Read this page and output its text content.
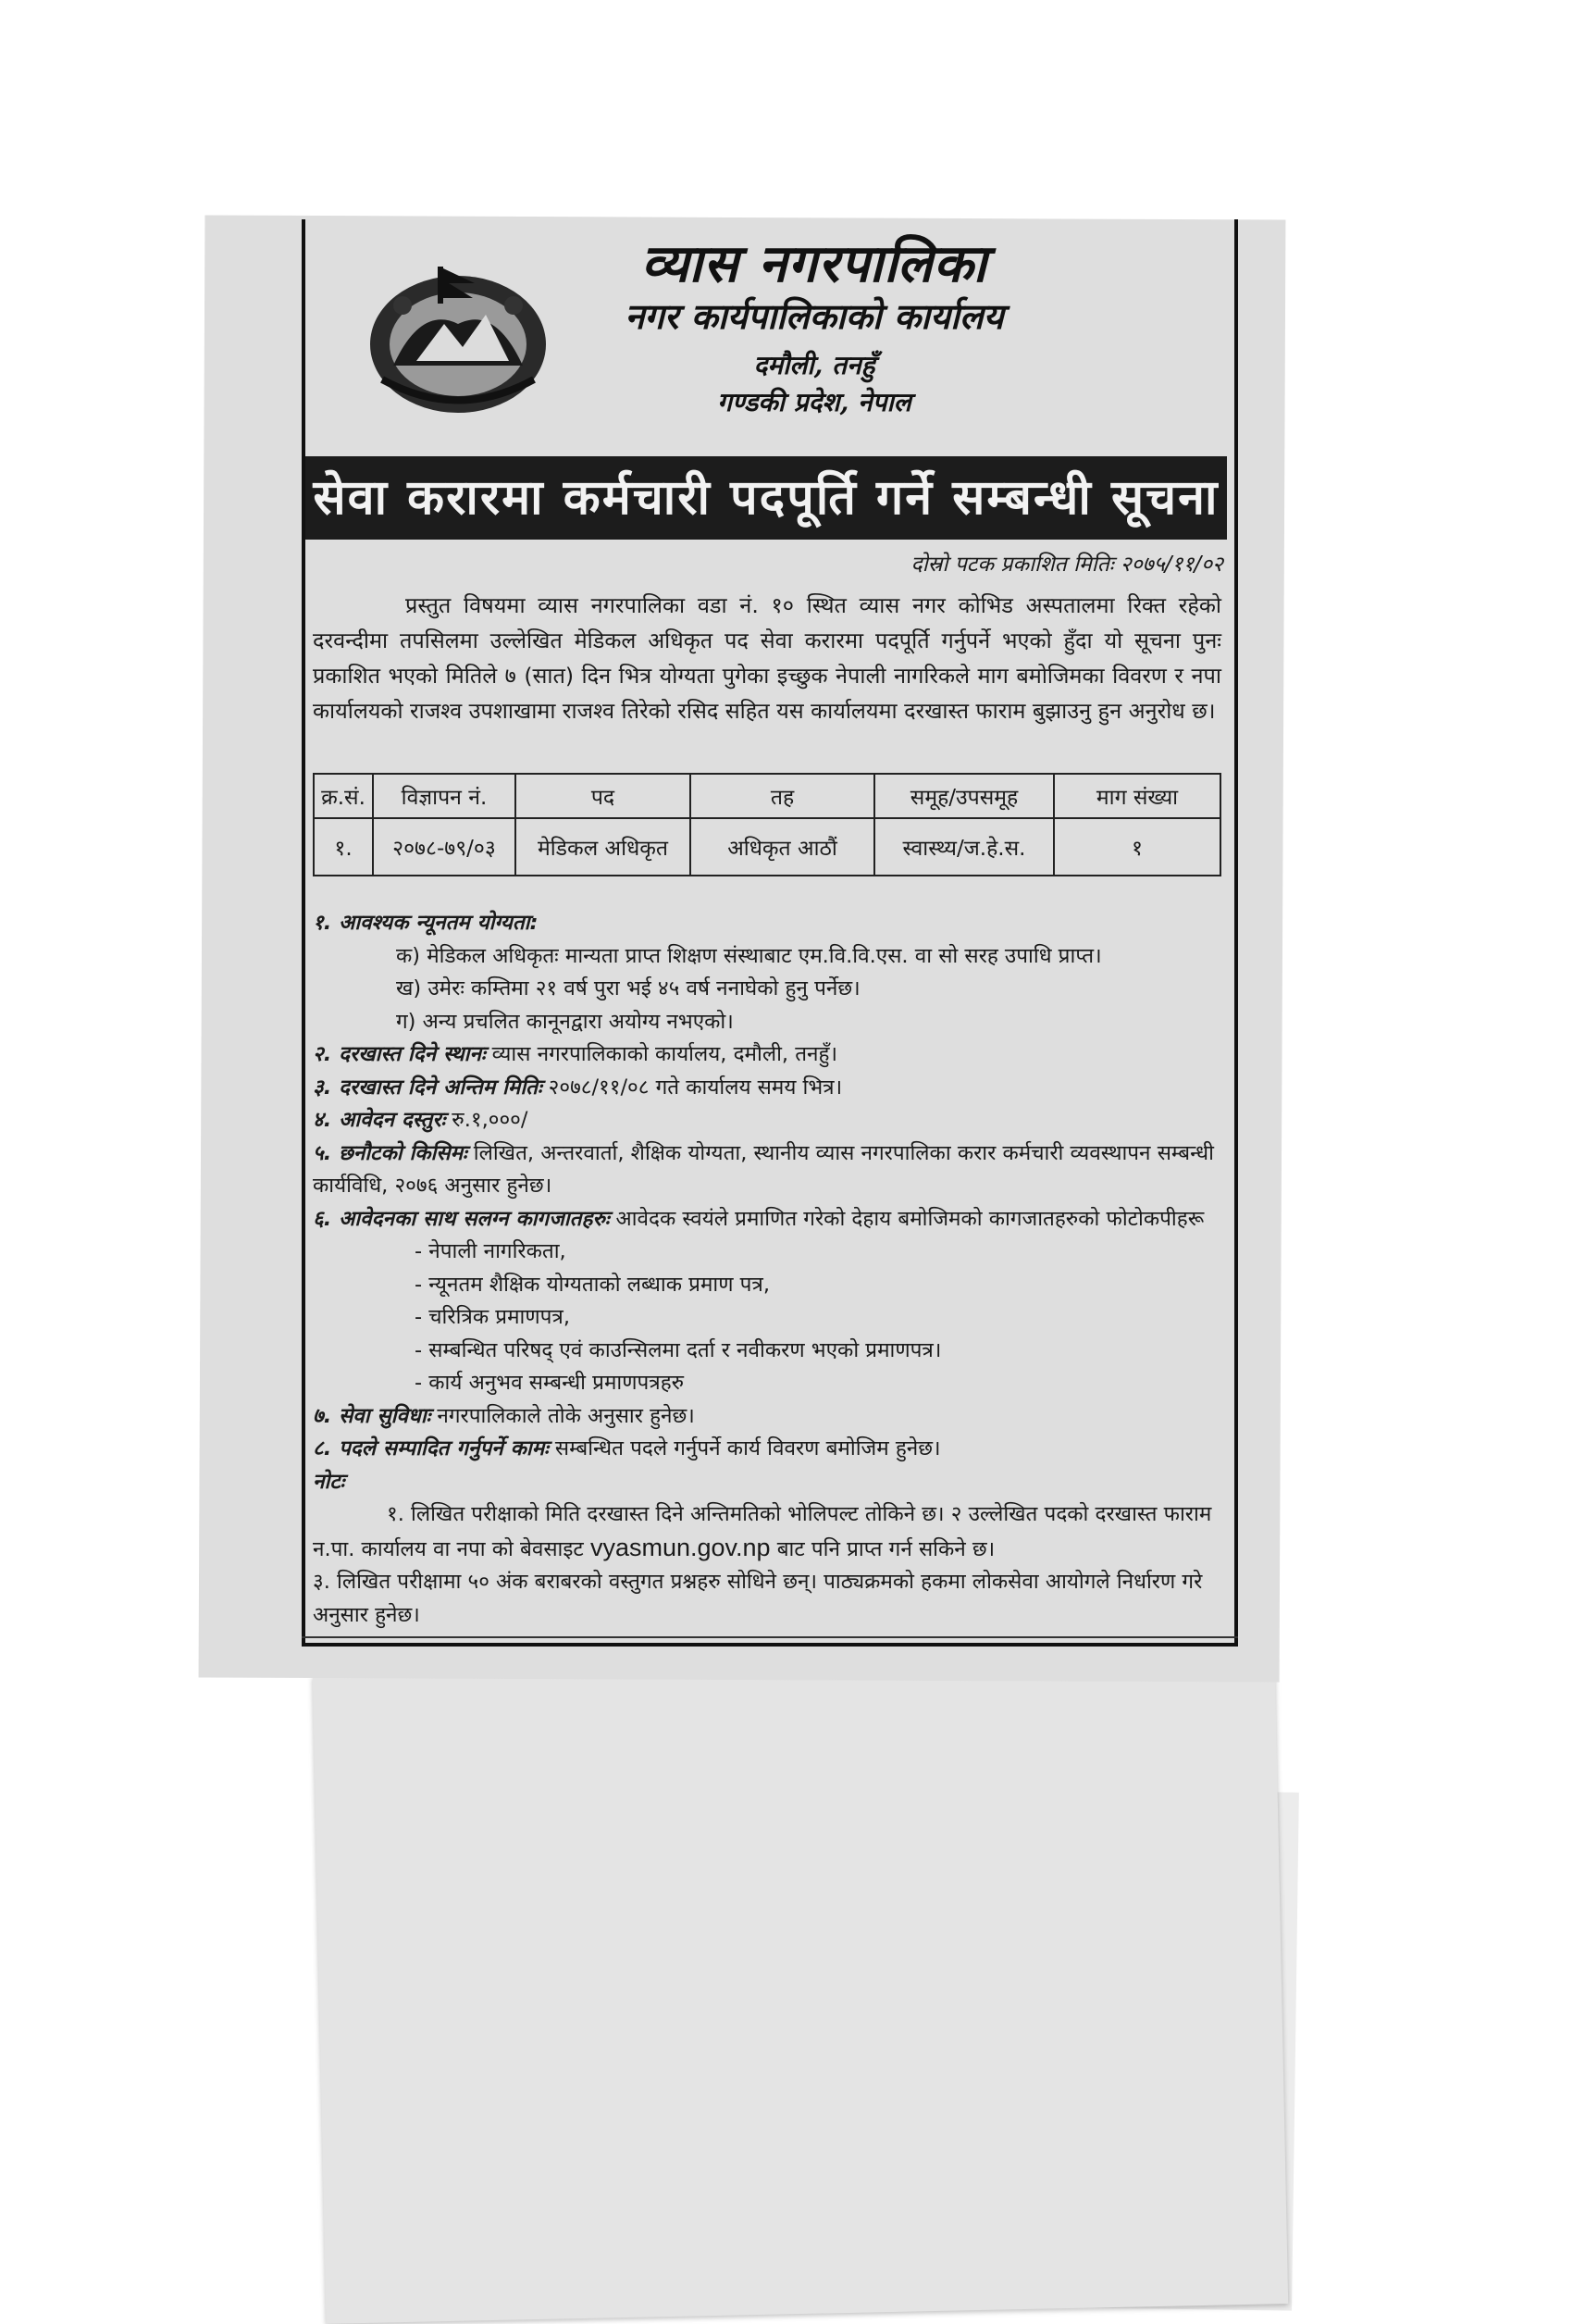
व्यास नगरपालिका
नगर कार्यपालिकाको कार्यालय
दमौली, तनहुँ
गण्डकी प्रदेश, नेपाल
सेवा करारमा कर्मचारी पदपूर्ति गर्ने सम्बन्धी सूचना
दोस्रो पटक प्रकाशित मितिः २०७५/११/०२
प्रस्तुत विषयमा व्यास नगरपालिका वडा नं. १० स्थित व्यास नगर कोभिड अस्पतालमा रिक्त रहेको दरवन्दीमा तपसिलमा उल्लेखित मेडिकल अधिकृत पद सेवा करारमा पदपूर्ति गर्नुपर्ने भएको हुँदा यो सूचना पुनः प्रकाशित भएको मितिले ७ (सात) दिन भित्र योग्यता पुगेका इच्छुक नेपाली नागरिकले माग बमोजिमका विवरण र नपा कार्यालयको राजश्व उपशाखामा राजश्व तिरेको रसिद सहित यस कार्यालयमा दरखास्त फाराम बुझाउनु हुन अनुरोध छ।
क्र.सं.	विज्ञापन नं.	पद	तह	समूह/उपसमूह	माग संख्या
१.	२०७८-७९/०३	मेडिकल अधिकृत	अधिकृत आठौं	स्वास्थ्य/ज.हे.स.	१
१. आवश्यक न्यूनतम योग्यता:
क) मेडिकल अधिकृतः मान्यता प्राप्त शिक्षण संस्थाबाट एम.वि.वि.एस. वा सो सरह उपाधि प्राप्त।
ख) उमेरः कम्तिमा २१ वर्ष पुरा भई ४५ वर्ष ननाघेको हुनु पर्नेछ।
ग) अन्य प्रचलित कानूनद्वारा अयोग्य नभएको।
२. दरखास्त दिने स्थानः व्यास नगरपालिकाको कार्यालय, दमौली, तनहुँ।
३. दरखास्त दिने अन्तिम मितिः २०७८/११/०८ गते कार्यालय समय भित्र।
४. आवेदन दस्तुरः रु.१,०००/
५. छनौटको किसिमः लिखित, अन्तरवार्ता, शैक्षिक योग्यता, स्थानीय व्यास नगरपालिका करार कर्मचारी व्यवस्थापन सम्बन्धी कार्यविधि, २०७६ अनुसार हुनेछ।
६. आवेदनका साथ सलग्न कागजातहरुः आवेदक स्वयंले प्रमाणित गरेको देहाय बमोजिमको कागजातहरुको फोटोकपीहरू
- नेपाली नागरिकता,
- न्यूनतम शैक्षिक योग्यताको लब्धाक प्रमाण पत्र,
- चरित्रिक प्रमाणपत्र,
- सम्बन्धित परिषद् एवं काउन्सिलमा दर्ता र नवीकरण भएको प्रमाणपत्र।
- कार्य अनुभव सम्बन्धी प्रमाणपत्रहरु
७. सेवा सुविधाः नगरपालिकाले तोके अनुसार हुनेछ।
८. पदले सम्पादित गर्नुपर्ने कामः सम्बन्धित पदले गर्नुपर्ने कार्य विवरण बमोजिम हुनेछ।
नोटः
१. लिखित परीक्षाको मिति दरखास्त दिने अन्तिमतिको भोलिपल्ट तोकिने छ। २ उल्लेखित पदको दरखास्त फाराम न.पा. कार्यालय वा नपा को बेवसाइट vyasmun.gov.np बाट पनि प्राप्त गर्न सकिने छ।
३. लिखित परीक्षामा ५० अंक बराबरको वस्तुगत प्रश्नहरु सोधिने छन्। पाठ्यक्रमको हकमा लोकसेवा आयोगले निर्धारण गरे अनुसार हुनेछ।
